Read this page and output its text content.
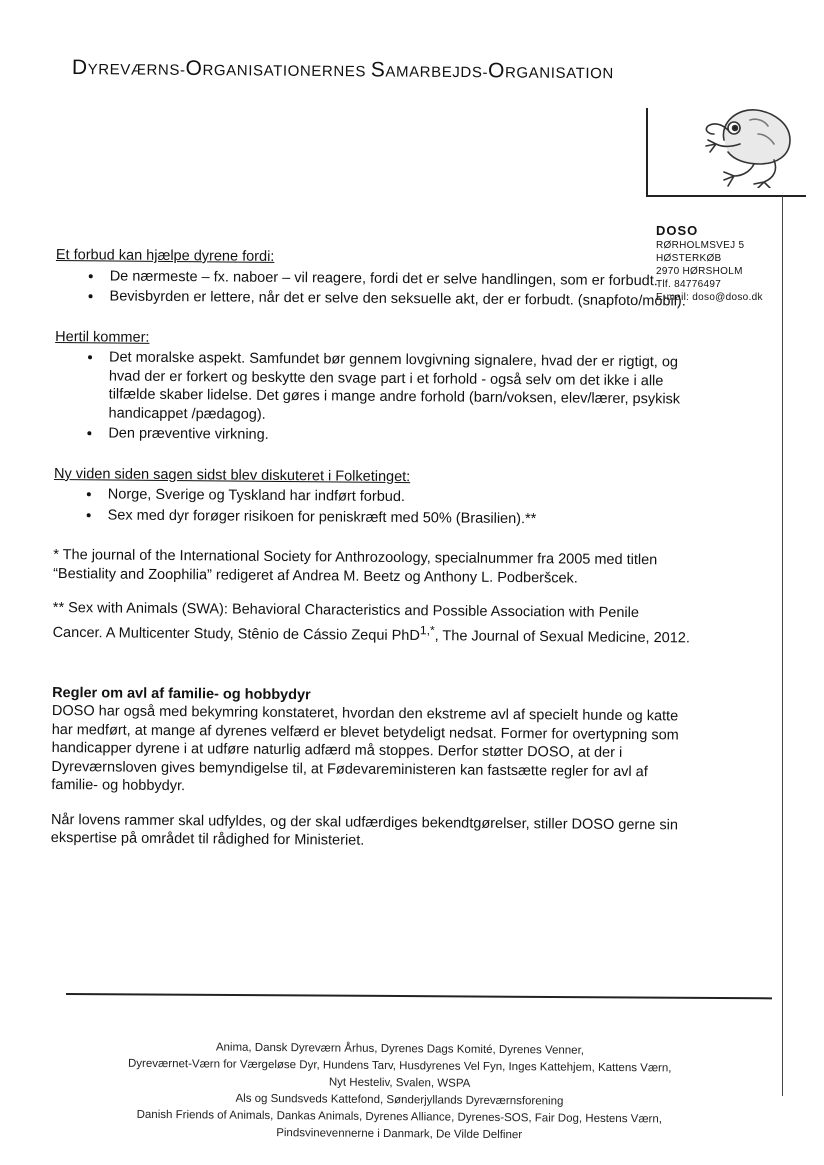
DYREVÆRNS-ORGANISATIONERNES SAMARBEJDS-ORGANISATION
DOSO
RØRHOLMSVEJ 5
HØSTERKØB
2970 HØRSHOLM
Tlf. 84776497
E-mail: doso@doso.dk

Et forbud kan hjælpe dyrene fordi:

• De nærmeste – fx. naboer – vil reagere, fordi det er selve handlingen, som er forbudt.
• Bevisbyrden er lettere, når det er selve den seksuelle akt, der er forbudt. (snapfoto/mobil).

Hertil kommer:

• Det moralske aspekt. Samfundet bør gennem lovgivning signalere, hvad der er rigtigt, og hvad der er forkert og beskytte den svage part i et forhold - også selv om det ikke i alle tilfælde skaber lidelse. Det gøres i mange andre forhold (barn/voksen, elev/lærer, psykisk handicappet /pædagog).
• Den præventive virkning.

Ny viden siden sagen sidst blev diskuteret i Folketinget:

• Norge, Sverige og Tyskland har indført forbud.
• Sex med dyr forøger risikoen for peniskræft med 50% (Brasilien).**

* The journal of the International Society for Anthrozoology, specialnummer fra 2005 med titlen “Bestiality and Zoophilia” redigeret af Andrea M. Beetz og Anthony L. Podberšcek.

** Sex with Animals (SWA): Behavioral Characteristics and Possible Association with Penile Cancer. A Multicenter Study, Stênio de Cássio Zequi PhD$^{1,*}$, The Journal of Sexual Medicine, 2012.

Regler om avl af familie- og hobbydyr

DOSO har også med bekymring konstateret, hvordan den ekstreme avl af specielt hunde og katte har medført, at mange af dyrenes velfærd er blevet betydeligt nedsat. Former for overtypning som handicapper dyrene i at udføre naturlig adfærd må stoppes. Derfor støtter DOSO, at der i Dyreværnsloven gives bemyndigelse til, at Fødevareministeren kan fastsætte regler for avl af familie- og hobbydyr.

Når lovens rammer skal udfyldes, og der skal udfærdiges bekendtgørelser, stiller DOSO gerne sin ekspertise på området til rådighed for Ministeriet.

Anima, Dansk Dyreværn Århus, Dyrenes Dags Komité, Dyrenes Venner,
Dyreværnet-Værn for Værgeløse Dyr, Hundens Tarv, Husdyrenes Vel Fyn, Inges Kattehjem, Kattens Værn,
Nyt Hesteliv, Svalen, WSPA
Als og Sundsveds Kattefond, Sønderjyllands Dyreværnsforening
Danish Friends of Animals, Dankas Animals, Dyrenes Alliance, Dyrenes-SOS, Fair Dog, Hestens Værn,
Pindsvinevennerne i Danmark, De Vilde Delfiner
